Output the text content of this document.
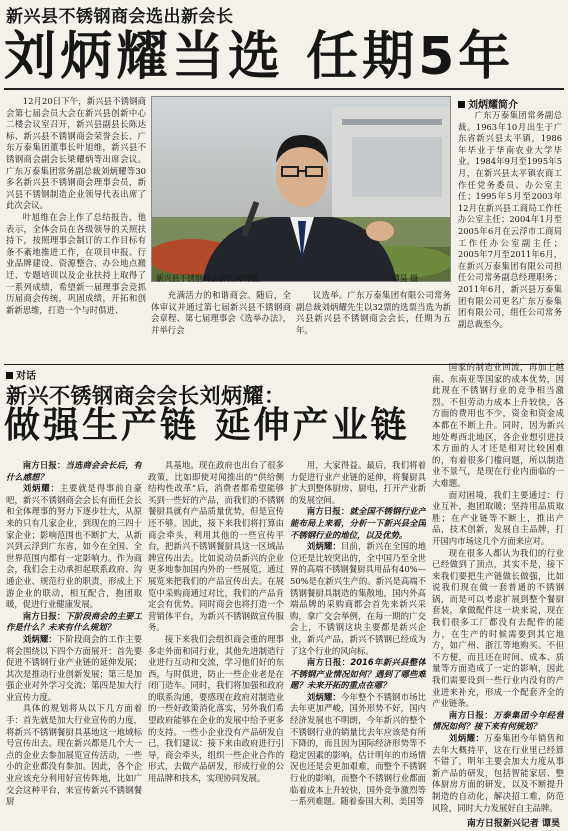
新兴县不锈钢商会选出新会长
刘炳耀当选 任期5年

12月20日下午，新兴县不锈钢商会第七届会员大会在新兴县创新中心二楼会议室召开，新兴县副县长陈达标、新兴县不锈钢商会荣誉会长、广东万泰集团董事长叶旭维，新兴县不锈钢商会副会长梁耀炳等出席会议。广东万泰集团常务副总裁刘炳耀等30多名新兴县不锈钢商会理事会员，新兴县不锈钢制造企业领导代表出席了此次会议。

叶旭维在会上作了总结报告，他表示，全体会员在各级领导的关照扶持下，按照理事会制订的工作目标有条不紊地推进工作，在项目申报、行业品牌建设、资源整合、办公地点搬迁、专题培训以及企业扶持上取得了一系列成绩，希望新一届理事会竞抓历届商会传统，巩固成绩，开拓和创新新思维，打造一个与时俱进、

新兴县不锈钢商会会长刘炳耀。	谭昊 摄

充满活力的和谐商会。随后，全体审议并通过第七届新兴县不锈钢商会章程、第七届理事会《选举办法》，并举行会

议选举。广东万泰集团有限公司常务副总裁刘炳耀先生以32票的选票当选为新兴县新兴县不锈钢商会会长，任期为五年。

刘炳耀简介

广东万泰集团常务副总裁。1963年10月出生于广东省新兴县太平镇，1986年毕业于华南农业大学毕业。1984年9月至1995年5月，在新兴县太平镇农商工作任党务委员、办公室主任；1995年5月至2003年12月在新兴县工商局工作任办公室主任；2004年1月至2005年6月在云浮市工商局工作任办公室副主任；2005年7月至2011年6月，在新兴万泰集团有限公司担任公司常务副总经理职务；2011年6月，新兴县万泰集团有限公司更名广东万泰集团有限公司，组任公司常务副总裁至今。

对话
新兴不锈钢商会会长刘炳耀：
做强生产链 延伸产业链

南方日报：当选商会会长后，有什么感想？

刘炳耀：主要就是得事前自豪吧，新兴不锈钢商会会长有面任会长和全体理事的努力下逐步壮大，从原来的只有几家企业，到现在的三四十家企业；影响范围也不断扩大，从新兴到云浮到广东省，如今在全国、全世界范围内都有一定影响力。作为商会，我们会主动承担起联系政府、沟通企业、规范行业的职责，形成上下游企业的联动，相互配合，抱团取暖，促进行业健康发展。

南方日报：下阶段商会的主要工作是什么？未来有什么规划？

刘炳耀：下阶段商会的工作主要将会围绕以下四个方面展开：首先要促进不锈钢行业产业链的延伸发展；其次是推动行业创新发展；第三是加强企业对外学习交流；第四是加大行业宣传力度。

具体的规划将从以下几方面着手：首先就是加大行业宣传的力度，将新兴不锈钢餐厨具基地这一地域标号宣传出去。现在新兴都是几个大一点的企业去参加展览宣传活动，一些小的企业都没有参加。因此，各个企业应该充分利用好宣传阵地，比如广交会这种平台，来宣传新兴不锈钢餐厨

具基地。现在政府也出台了很多政策，比如即使对闻推出的“供给侧结构性改革”后，消费者都希望能够买到一些好的产品，而我们的不锈钢餐厨具就有产品质量优势，但是宣传还不够。因此，接下来我们将打算由商会牵头，利用其他的一些宣传平台，把新兴不锈钢餐厨具这一区域品牌宣传出去。比如说动员新兴的企业更多地参加国内外的一些展览，通过展览来把我们的产品宣传出去。在展览中采购商通过对比，我们的产品肯定会有优势。同时商会也将打造一个营销体平台，为新兴不锈钢做宣传服务。

接下来我们会组织商会重的理事多走外面和同行业，其他先进制造行业进行互动和交流，学习他们好的东西，与时俱进，防止一些企业老是在闭门造车。同时，我们将加强和政府的联系沟通，要感现在政府对制造业的一些好政策消化落实，另外我们希望政府能够在企业的发展中给予更多的支持。一些小企业没有产品研发自己，我们建议：接下来由政府进行引导，商会牵头，组织一些企业合作的形式，去做产品研发，形成行业的公用品牌和技术，实现协同发展。

用，大家得益。最后，我们将着力促进行业产业链的延伸，将餐厨具扩大到整体厨房、厨电，打开产业新的发展空间。

南方日报：就全国不锈钢行业产能布局上来看，分析一下新兴县全国不锈钢行业的地位，以及优势。

刘炳耀：目前，新兴在全国的地位还是比较突出的，全中国乃至全世界的高端不锈钢餐厨具用品有40%—50%是在新兴生产的。新兴是高端不锈钢餐厨具制造的集散地，国内外高端品牌的采购商都会首先来新兴采购，拿广交会举例，在每一期的广交会上，不锈钢这块主要都是新兴企业，新兴产品，新兴不锈钢已经成为了这个行业的风向标。

南方日报：2016年新兴县整体不锈钢产业情况如何？遇到了哪些难题？未来开拓的重点在哪？

刘炳耀：今年整个不锈钢市场比去年更加严峻，国外形势不好，国内经济发展也不明朗，今年新兴的整个不锈钢行业的销量比去年应该是有所下降的，而且因为国际经济形势等不稳定因素的影响，估计明年的市场情况也还是会更加艰难，而整个不锈钢行业的影响，而整个不锈钢行业都面临着成本上升较快，国外竞争激烈等一系列难题。随着泰国大利、美国等

国家的制造业回流，再加上越南、东南亚等国家的成本优势，因此现在不锈钢行业的竞争相当激烈。不但劳动力成本上升较快，各方面的费用也不少，资金和资金成本都在不断上升。同时，因为新兴地处粤西北地区，各企业想引进技术方面的人才还是相对比较困难的，有着很多门槛问题，所以制造业不景气，是现在行业内面临的一大难题。

面对困境，我们主要通过：行业互补，抱团取暖；坚持用品质取胜；在产业链等不断上，推出产品，技术创新，发展自主品牌，打开国内市场这几个方面来应对。

现在很多人都认为我们的行业已经做到了顶点，其实不是，接下来我们要把生产链做长做强，比如说我们现在做一套普通的不锈钢锅，而是可以考虑扩展到整个餐厨套装，拿做配件这一块来说，现在我们很多工厂都没有去配件的能力，在生产的时候需要到其它地方，如广州、浙江等地购买。不但不方便，而且还在时间、成本、质量等方面造成了一定的影响，因此我们需要设到一些行业内没有的产业进来补充，形成一个配套齐全的产业链条。

南方日报：万泰集团今年经营情况如何？接下来有何规划？

刘炳耀：万泰集团今年销售和去年大概持平，这在行业里已经算不错了，明年主要会加大力度从事新产品的研发，包括智能家居、整体厨房方面的研发，以及不断提升制造的自动化，解决招工难，防范风险，同时大力发展好自主品牌。

南方日报新兴记者 谭昊
